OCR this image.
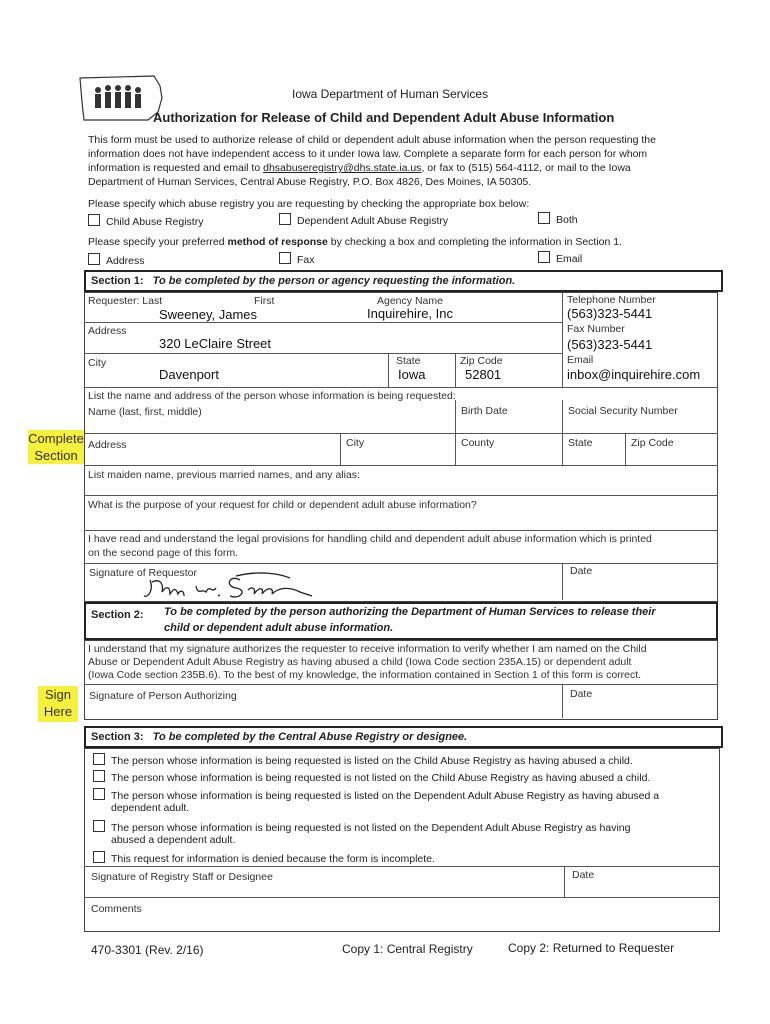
Iowa Department of Human Services
Authorization for Release of Child and Dependent Adult Abuse Information
This form must be used to authorize release of child or dependent adult abuse information when the person requesting the
information does not have independent access to it under Iowa law. Complete a separate form for each person for whom
information is requested and email to dhsabuseregistry@dhs.state.ia.us, or fax to (515) 564-4112, or mail to the Iowa
Department of Human Services, Central Abuse Registry, P.O. Box 4826, Des Moines, IA 50305.
Please specify which abuse registry you are requesting by checking the appropriate box below:
Child Abuse Registry	Dependent Adult Abuse Registry	Both
Please specify your preferred method of response by checking a box and completing the information in Section 1.
Address	Fax	Email
Section 1: To be completed by the person or agency requesting the information.
Requester: Last	First
Sweeney, James
Agency Name
Inquirehire, Inc
Telephone Number
(563)323-5441
Address
320 LeClaire Street
Fax Number
(563)323-5441
City
Davenport
State
Iowa
Zip Code
52801
Email
inbox@inquirehire.com
List the name and address of the person whose information is being requested:
Name (last, first, middle)	Birth Date	Social Security Number
Address	City	County	State	Zip Code
List maiden name, previous married names, and any alias:
What is the purpose of your request for child or dependent adult abuse information?
I have read and understand the legal provisions for handling child and dependent adult abuse information which is printed
on the second page of this form.
Signature of Requestor	Date
Section 2: To be completed by the person authorizing the Department of Human Services to release their
child or dependent adult abuse information.
I understand that my signature authorizes the requester to receive information to verify whether I am named on the Child
Abuse or Dependent Adult Abuse Registry as having abused a child (Iowa Code section 235A.15) or dependent adult
(Iowa Code section 235B.6). To the best of my knowledge, the information contained in Section 1 of this form is correct.
Signature of Person Authorizing	Date
Section 3: To be completed by the Central Abuse Registry or designee.
The person whose information is being requested is listed on the Child Abuse Registry as having abused a child.
The person whose information is being requested is not listed on the Child Abuse Registry as having abused a child.
The person whose information is being requested is listed on the Dependent Adult Abuse Registry as having abused a
dependent adult.
The person whose information is being requested is not listed on the Dependent Adult Abuse Registry as having
abused a dependent adult.
This request for information is denied because the form is incomplete.
Signature of Registry Staff or Designee	Date
Comments
470-3301 (Rev. 2/16)	Copy 1: Central Registry	Copy 2: Returned to Requester
Complete
Section
Sign
Here
